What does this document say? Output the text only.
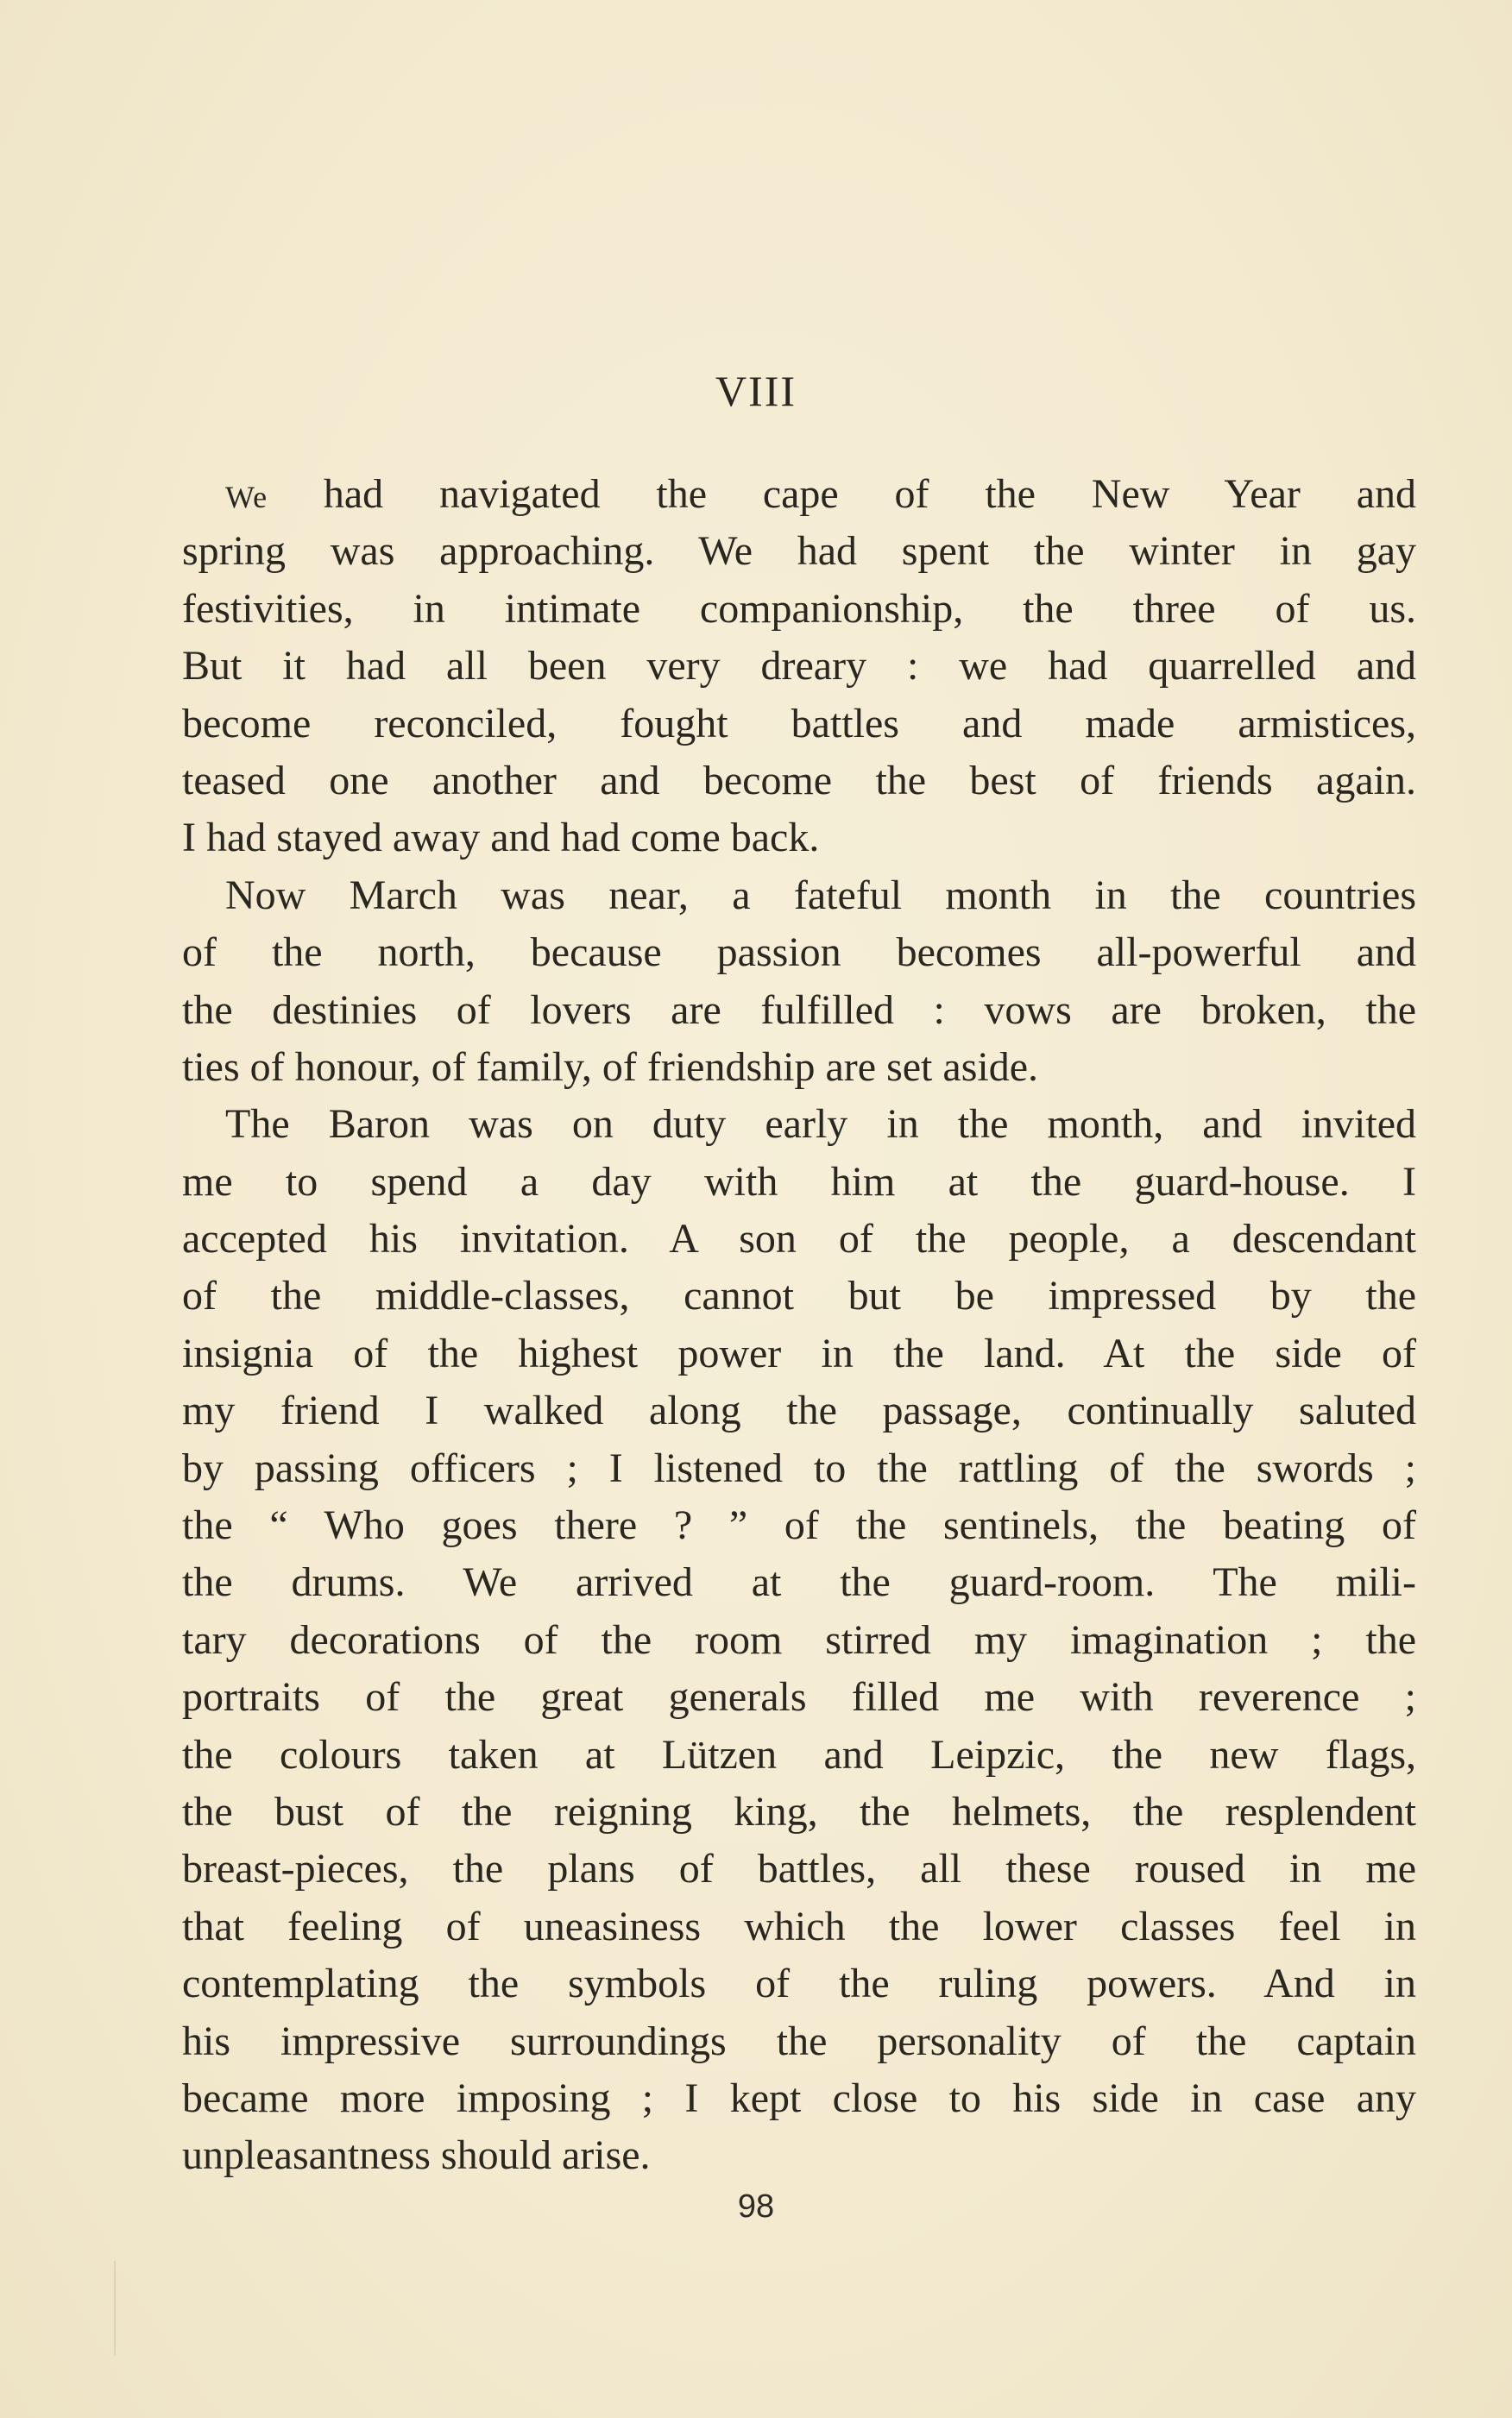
VIII
We had navigated the cape of the New Year and
spring was approaching. We had spent the winter in gay
festivities, in intimate companionship, the three of us.
But it had all been very dreary : we had quarrelled and
become reconciled, fought battles and made armistices,
teased one another and become the best of friends again.
I had stayed away and had come back.
Now March was near, a fateful month in the countries
of the north, because passion becomes all-powerful and
the destinies of lovers are fulfilled : vows are broken, the
ties of honour, of family, of friendship are set aside.
The Baron was on duty early in the month, and invited
me to spend a day with him at the guard-house. I
accepted his invitation. A son of the people, a descendant
of the middle-classes, cannot but be impressed by the
insignia of the highest power in the land. At the side of
my friend I walked along the passage, continually saluted
by passing officers ; I listened to the rattling of the swords ;
the “ Who goes there ? ” of the sentinels, the beating of
the drums. We arrived at the guard-room. The mili-
tary decorations of the room stirred my imagination ; the
portraits of the great generals filled me with reverence ;
the colours taken at Lützen and Leipzic, the new flags,
the bust of the reigning king, the helmets, the resplendent
breast-pieces, the plans of battles, all these roused in me
that feeling of uneasiness which the lower classes feel in
contemplating the symbols of the ruling powers. And in
his impressive surroundings the personality of the captain
became more imposing ; I kept close to his side in case any
unpleasantness should arise.
98
